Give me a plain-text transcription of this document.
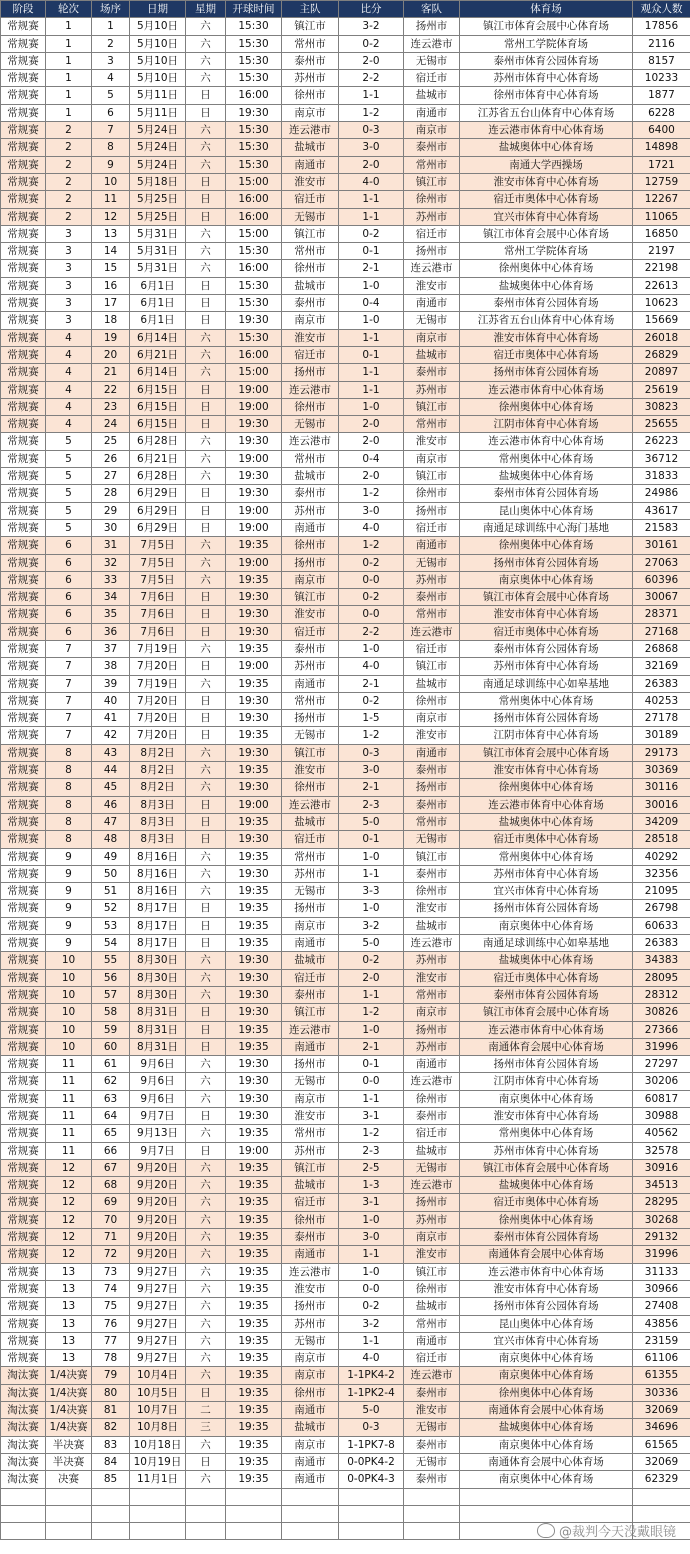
阶段	轮次	场序	日期	星期	开球时间	主队	比分	客队	体育场	观众人数
常规赛	1	1	5月10日	六	15:30	镇江市	3-2	扬州市	镇江市体育会展中心体育场	17856
常规赛	1	2	5月10日	六	15:30	常州市	0-2	连云港市	常州工学院体育场	2116
常规赛	1	3	5月10日	六	15:30	泰州市	2-0	无锡市	泰州市体育公园体育场	8157
常规赛	1	4	5月10日	六	15:30	苏州市	2-2	宿迁市	苏州市体育中心体育场	10233
常规赛	1	5	5月11日	日	16:00	徐州市	1-1	盐城市	徐州市体育中心体育场	1877
常规赛	1	6	5月11日	日	19:30	南京市	1-2	南通市	江苏省五台山体育中心体育场	6228
常规赛	2	7	5月24日	六	15:30	连云港市	0-3	南京市	连云港市体育中心体育场	6400
常规赛	2	8	5月24日	六	15:30	盐城市	3-0	泰州市	盐城奥体中心体育场	14898
常规赛	2	9	5月24日	六	15:30	南通市	2-0	常州市	南通大学西操场	1721
常规赛	2	10	5月18日	日	15:00	淮安市	4-0	镇江市	淮安市体育中心体育场	12759
常规赛	2	11	5月25日	日	16:00	宿迁市	1-1	徐州市	宿迁市奥体中心体育场	12267
常规赛	2	12	5月25日	日	16:00	无锡市	1-1	苏州市	宜兴市体育中心体育场	11065
常规赛	3	13	5月31日	六	15:00	镇江市	0-2	宿迁市	镇江市体育会展中心体育场	16850
常规赛	3	14	5月31日	六	15:30	常州市	0-1	扬州市	常州工学院体育场	2197
常规赛	3	15	5月31日	六	16:00	徐州市	2-1	连云港市	徐州奥体中心体育场	22198
常规赛	3	16	6月1日	日	15:30	盐城市	1-0	淮安市	盐城奥体中心体育场	22613
常规赛	3	17	6月1日	日	15:30	泰州市	0-4	南通市	泰州市体育公园体育场	10623
常规赛	3	18	6月1日	日	19:30	南京市	1-0	无锡市	江苏省五台山体育中心体育场	15669
常规赛	4	19	6月14日	六	15:30	淮安市	1-1	南京市	淮安市体育中心体育场	26018
常规赛	4	20	6月21日	六	16:00	宿迁市	0-1	盐城市	宿迁市奥体中心体育场	26829
常规赛	4	21	6月14日	六	15:00	扬州市	1-1	泰州市	扬州市体育公园体育场	20897
常规赛	4	22	6月15日	日	19:00	连云港市	1-1	苏州市	连云港市体育中心体育场	25619
常规赛	4	23	6月15日	日	19:00	徐州市	1-0	镇江市	徐州奥体中心体育场	30823
常规赛	4	24	6月15日	日	19:30	无锡市	2-0	常州市	江阴市体育中心体育场	25655
常规赛	5	25	6月28日	六	19:30	连云港市	2-0	淮安市	连云港市体育中心体育场	26223
常规赛	5	26	6月21日	六	19:00	常州市	0-4	南京市	常州奥体中心体育场	36712
常规赛	5	27	6月28日	六	19:30	盐城市	2-0	镇江市	盐城奥体中心体育场	31833
常规赛	5	28	6月29日	日	19:30	泰州市	1-2	徐州市	泰州市体育公园体育场	24986
常规赛	5	29	6月29日	日	19:00	苏州市	3-0	扬州市	昆山奥体中心体育场	43617
常规赛	5	30	6月29日	日	19:00	南通市	4-0	宿迁市	南通足球训练中心海门基地	21583
常规赛	6	31	7月5日	六	19:35	徐州市	1-2	南通市	徐州奥体中心体育场	30161
常规赛	6	32	7月5日	六	19:00	扬州市	0-2	无锡市	扬州市体育公园体育场	27063
常规赛	6	33	7月5日	六	19:35	南京市	0-0	苏州市	南京奥体中心体育场	60396
常规赛	6	34	7月6日	日	19:30	镇江市	0-2	泰州市	镇江市体育会展中心体育场	30067
常规赛	6	35	7月6日	日	19:30	淮安市	0-0	常州市	淮安市体育中心体育场	28371
常规赛	6	36	7月6日	日	19:30	宿迁市	2-2	连云港市	宿迁市奥体中心体育场	27168
常规赛	7	37	7月19日	六	19:35	泰州市	1-0	宿迁市	泰州市体育公园体育场	26868
常规赛	7	38	7月20日	日	19:00	苏州市	4-0	镇江市	苏州市体育中心体育场	32169
常规赛	7	39	7月19日	六	19:35	南通市	2-1	盐城市	南通足球训练中心如皋基地	26383
常规赛	7	40	7月20日	日	19:30	常州市	0-2	徐州市	常州奥体中心体育场	40253
常规赛	7	41	7月20日	日	19:30	扬州市	1-5	南京市	扬州市体育公园体育场	27178
常规赛	7	42	7月20日	日	19:35	无锡市	1-2	淮安市	江阴市体育中心体育场	30189
常规赛	8	43	8月2日	六	19:30	镇江市	0-3	南通市	镇江市体育会展中心体育场	29173
常规赛	8	44	8月2日	六	19:35	淮安市	3-0	泰州市	淮安市体育中心体育场	30369
常规赛	8	45	8月2日	六	19:30	徐州市	2-1	扬州市	徐州奥体中心体育场	30116
常规赛	8	46	8月3日	日	19:00	连云港市	2-3	泰州市	连云港市体育中心体育场	30016
常规赛	8	47	8月3日	日	19:35	盐城市	5-0	常州市	盐城奥体中心体育场	34209
常规赛	8	48	8月3日	日	19:30	宿迁市	0-1	无锡市	宿迁市奥体中心体育场	28518
常规赛	9	49	8月16日	六	19:35	常州市	1-0	镇江市	常州奥体中心体育场	40292
常规赛	9	50	8月16日	六	19:30	苏州市	1-1	泰州市	苏州市体育中心体育场	32356
常规赛	9	51	8月16日	六	19:35	无锡市	3-3	徐州市	宜兴市体育中心体育场	21095
常规赛	9	52	8月17日	日	19:35	扬州市	1-0	淮安市	扬州市体育公园体育场	26798
常规赛	9	53	8月17日	日	19:35	南京市	3-2	盐城市	南京奥体中心体育场	60633
常规赛	9	54	8月17日	日	19:35	南通市	5-0	连云港市	南通足球训练中心如皋基地	26383
常规赛	10	55	8月30日	六	19:30	盐城市	0-2	苏州市	盐城奥体中心体育场	34383
常规赛	10	56	8月30日	六	19:30	宿迁市	2-0	淮安市	宿迁市奥体中心体育场	28095
常规赛	10	57	8月30日	六	19:30	泰州市	1-1	常州市	泰州市体育公园体育场	28312
常规赛	10	58	8月31日	日	19:30	镇江市	1-2	南京市	镇江市体育会展中心体育场	30826
常规赛	10	59	8月31日	日	19:35	连云港市	1-0	扬州市	连云港市体育中心体育场	27366
常规赛	10	60	8月31日	日	19:35	南通市	2-1	苏州市	南通体育会展中心体育场	31996
常规赛	11	61	9月6日	六	19:30	扬州市	0-1	南通市	扬州市体育公园体育场	27297
常规赛	11	62	9月6日	六	19:30	无锡市	0-0	连云港市	江阴市体育中心体育场	30206
常规赛	11	63	9月6日	六	19:30	南京市	1-1	徐州市	南京奥体中心体育场	60817
常规赛	11	64	9月7日	日	19:30	淮安市	3-1	泰州市	淮安市体育中心体育场	30988
常规赛	11	65	9月13日	六	19:35	常州市	1-2	宿迁市	常州奥体中心体育场	40562
常规赛	11	66	9月7日	日	19:00	苏州市	2-3	盐城市	苏州市体育中心体育场	32578
常规赛	12	67	9月20日	六	19:35	镇江市	2-5	无锡市	镇江市体育会展中心体育场	30916
常规赛	12	68	9月20日	六	19:35	盐城市	1-3	连云港市	盐城奥体中心体育场	34513
常规赛	12	69	9月20日	六	19:35	宿迁市	3-1	扬州市	宿迁市奥体中心体育场	28295
常规赛	12	70	9月20日	六	19:35	徐州市	1-0	苏州市	徐州奥体中心体育场	30268
常规赛	12	71	9月20日	六	19:35	泰州市	3-0	南京市	泰州市体育公园体育场	29132
常规赛	12	72	9月20日	六	19:35	南通市	1-1	淮安市	南通体育会展中心体育场	31996
常规赛	13	73	9月27日	六	19:35	连云港市	1-0	镇江市	连云港市体育中心体育场	31133
常规赛	13	74	9月27日	六	19:35	淮安市	0-0	徐州市	淮安市体育中心体育场	30966
常规赛	13	75	9月27日	六	19:35	扬州市	0-2	盐城市	扬州市体育公园体育场	27408
常规赛	13	76	9月27日	六	19:35	苏州市	3-2	常州市	昆山奥体中心体育场	43856
常规赛	13	77	9月27日	六	19:35	无锡市	1-1	南通市	宜兴市体育中心体育场	23159
常规赛	13	78	9月27日	六	19:35	南京市	4-0	宿迁市	南京奥体中心体育场	61106
淘汰赛	1/4决赛	79	10月4日	六	19:35	南京市	1-1PK4-2	连云港市	南京奥体中心体育场	61355
淘汰赛	1/4决赛	80	10月5日	日	19:35	徐州市	1-1PK2-4	泰州市	徐州奥体中心体育场	30336
淘汰赛	1/4决赛	81	10月7日	二	19:35	南通市	5-0	淮安市	南通体育会展中心体育场	32069
淘汰赛	1/4决赛	82	10月8日	三	19:35	盐城市	0-3	无锡市	盐城奥体中心体育场	34696
淘汰赛	半决赛	83	10月18日	六	19:35	南京市	1-1PK7-8	泰州市	南京奥体中心体育场	61565
淘汰赛	半决赛	84	10月19日	日	19:35	南通市	0-0PK4-2	无锡市	南通体育会展中心体育场	32069
淘汰赛	决赛	85	11月1日	六	19:35	南通市	0-0PK4-3	泰州市	南京奥体中心体育场	62329

@裁判今天没戴眼镜
